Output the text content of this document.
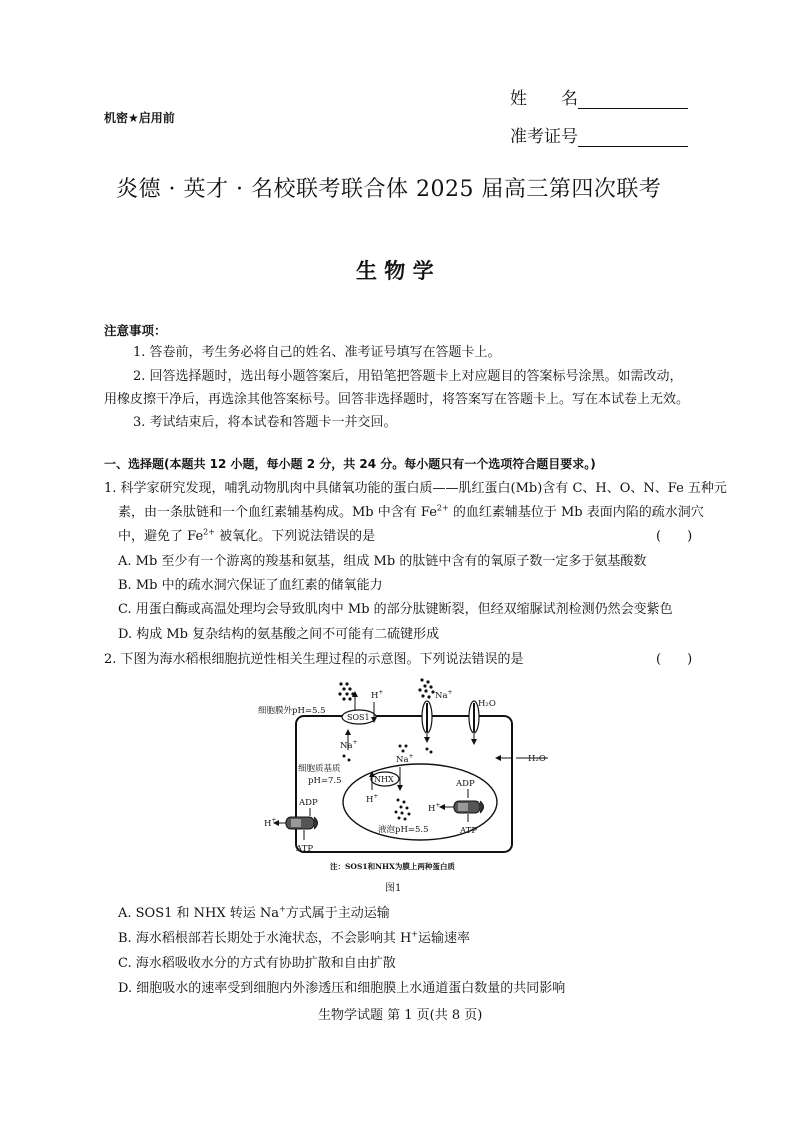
机密★启用前
姓　　名
准考证号
炎德 · 英才 · 名校联考联合体 2025 届高三第四次联考
生 物 学
注意事项：
1. 答卷前，考生务必将自己的姓名、准考证号填写在答题卡上。
2. 回答选择题时，选出每小题答案后，用铅笔把答题卡上对应题目的答案标号涂黑。如需改动，
用橡皮擦干净后，再选涂其他答案标号。回答非选择题时，将答案写在答题卡上。写在本试卷上无效。
3. 考试结束后，将本试卷和答题卡一并交回。
一、选择题(本题共 12 小题，每小题 2 分，共 24 分。每小题只有一个选项符合题目要求。)
1. 科学家研究发现，哺乳动物肌肉中具储氧功能的蛋白质——肌红蛋白(Mb)含有 C、H、O、N、Fe 五种元
素，由一条肽链和一个血红素辅基构成。Mb 中含有 $Fe^{2+}$ 的血红素辅基位于 Mb 表面内陷的疏水洞穴
中，避免了 $Fe^{2+}$ 被氧化。下列说法错误的是	(　　)
A. Mb 至少有一个游离的羧基和氨基，组成 Mb 的肽链中含有的氧原子数一定多于氨基酸数
B. Mb 中的疏水洞穴保证了血红素的储氧能力
C. 用蛋白酶或高温处理均会导致肌肉中 Mb 的部分肽键断裂，但经双缩脲试剂检测仍然会变紫色
D. 构成 Mb 复杂结构的氨基酸之间不可能有二硫键形成
2. 下图为海水稻根细胞抗逆性相关生理过程的示意图。下列说法错误的是	(　　)
细胞膜外pH=5.5
SOS1
H+
Na+
Na+
H₂O
H₂O
细胞质基质
pH=7.5
Na+
NHX
H+
液泡pH=5.5
ADP
H+
ATP
ADP
H+
ATP
注：SOS1和NHX为膜上两种蛋白质
图1
A. SOS1 和 NHX 转运 Na+方式属于主动运输
B. 海水稻根部若长期处于水淹状态，不会影响其 H+运输速率
C. 海水稻吸收水分的方式有协助扩散和自由扩散
D. 细胞吸水的速率受到细胞内外渗透压和细胞膜上水通道蛋白数量的共同影响
生物学试题 第 1 页(共 8 页)
